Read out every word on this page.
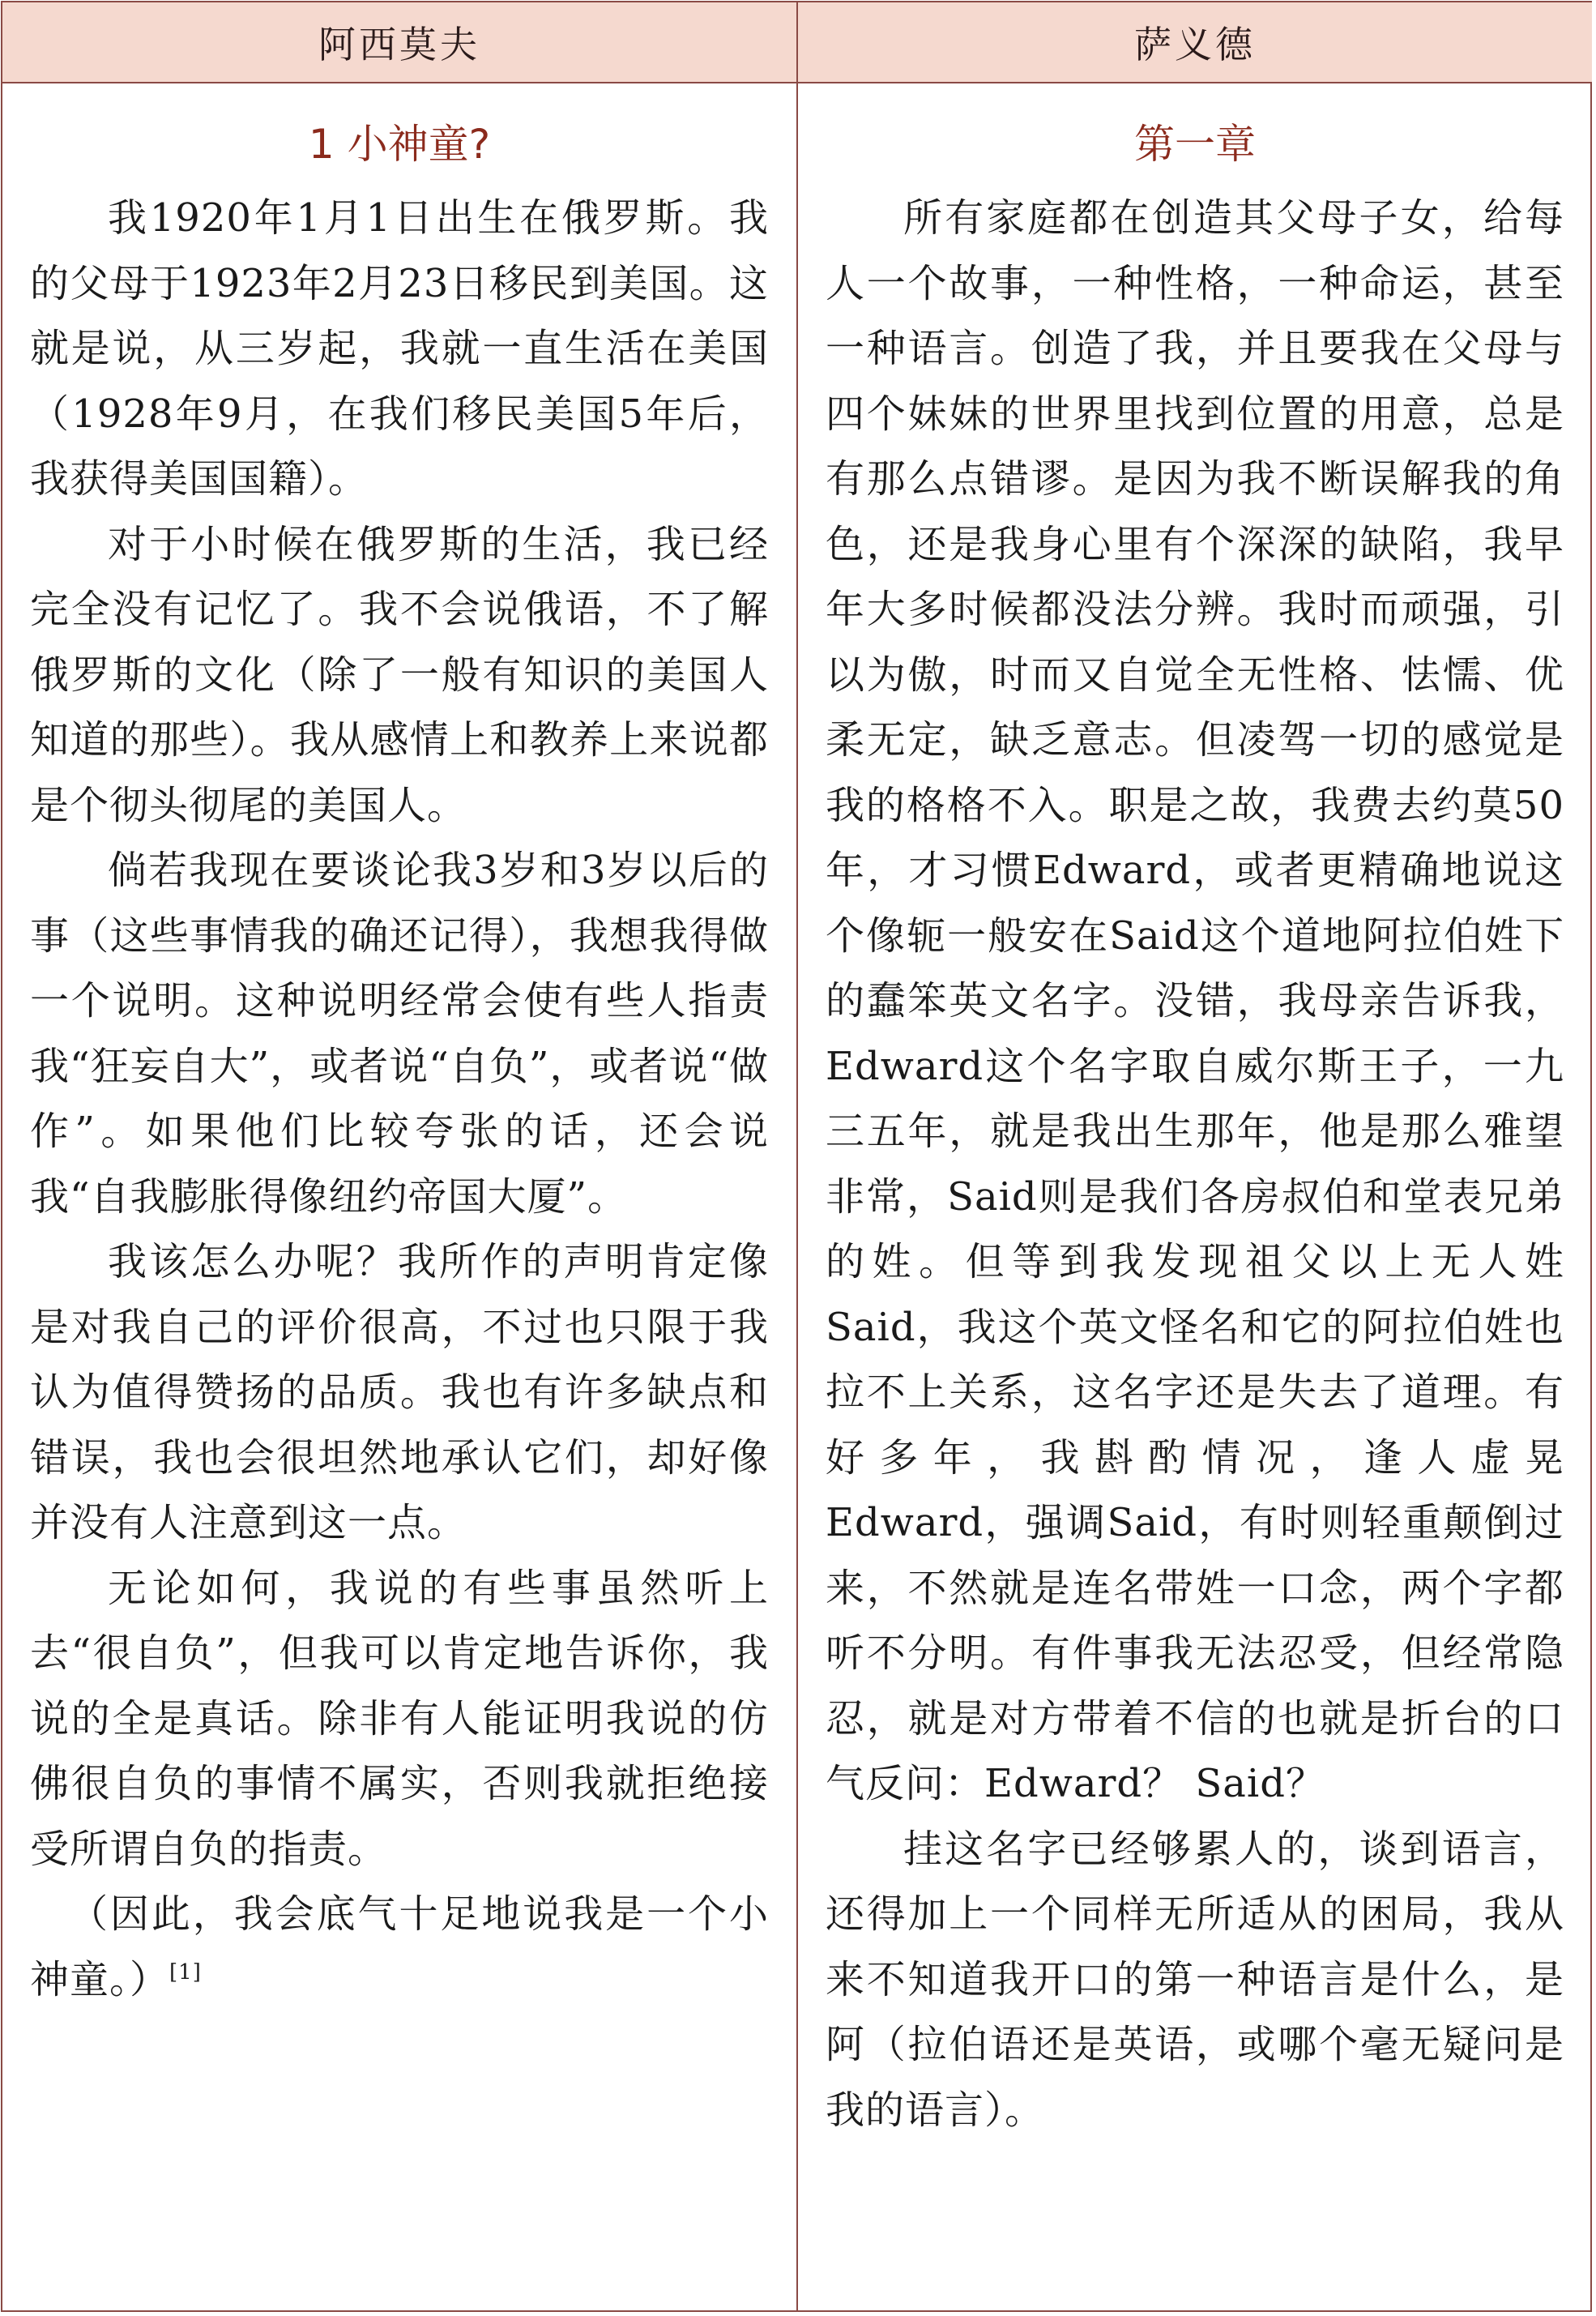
阿西莫夫	萨义德
1 小神童?

我1920年1月1日出生在俄罗斯。我的父母于1923年2月23日移民到美国。这就是说，从三岁起，我就一直生活在美国（1928年9月，在我们移民美国5年后，我获得美国国籍）。

对于小时候在俄罗斯的生活，我已经完全没有记忆了。我不会说俄语，不了解俄罗斯的文化（除了一般有知识的美国人知道的那些）。我从感情上和教养上来说都是个彻头彻尾的美国人。

倘若我现在要谈论我3岁和3岁以后的事（这些事情我的确还记得），我想我得做一个说明。这种说明经常会使有些人指责我“狂妄自大”，或者说“自负”，或者说“做作”。如果他们比较夸张的话，还会说我“自我膨胀得像纽约帝国大厦”。

我该怎么办呢？我所作的声明肯定像是对我自己的评价很高，不过也只限于我认为值得赞扬的品质。我也有许多缺点和错误，我也会很坦然地承认它们，却好像并没有人注意到这一点。

无论如何，我说的有些事虽然听上去“很自负”，但我可以肯定地告诉你，我说的全是真话。除非有人能证明我说的仿佛很自负的事情不属实，否则我就拒绝接受所谓自负的指责。

（因此，我会底气十足地说我是一个小神童。）[1]

第一章

所有家庭都在创造其父母子女，给每人一个故事，一种性格，一种命运，甚至一种语言。创造了我，并且要我在父母与四个妹妹的世界里找到位置的用意，总是有那么点错谬。是因为我不断误解我的角色，还是我身心里有个深深的缺陷，我早年大多时候都没法分辨。我时而顽强，引以为傲，时而又自觉全无性格、怯懦、优柔无定，缺乏意志。但凌驾一切的感觉是我的格格不入。职是之故，我费去约莫50年，才习惯Edward，或者更精确地说这个像轭一般安在Said这个道地阿拉伯姓下的蠢笨英文名字。没错，我母亲告诉我，Edward这个名字取自威尔斯王子，一九三五年，就是我出生那年，他是那么雅望非常，Said则是我们各房叔伯和堂表兄弟的姓。但等到我发现祖父以上无人姓Said，我这个英文怪名和它的阿拉伯姓也拉不上关系，这名字还是失去了道理。有好多年，我斟酌情况，逢人虚晃Edward，强调Said，有时则轻重颠倒过来，不然就是连名带姓一口念，两个字都听不分明。有件事我无法忍受，但经常隐忍，就是对方带着不信的也就是折台的口气反问：Edward？ Said？

挂这名字已经够累人的，谈到语言，还得加上一个同样无所适从的困局，我从来不知道我开口的第一种语言是什么，是阿（拉伯语还是英语，或哪个毫无疑问是我的语言）。
